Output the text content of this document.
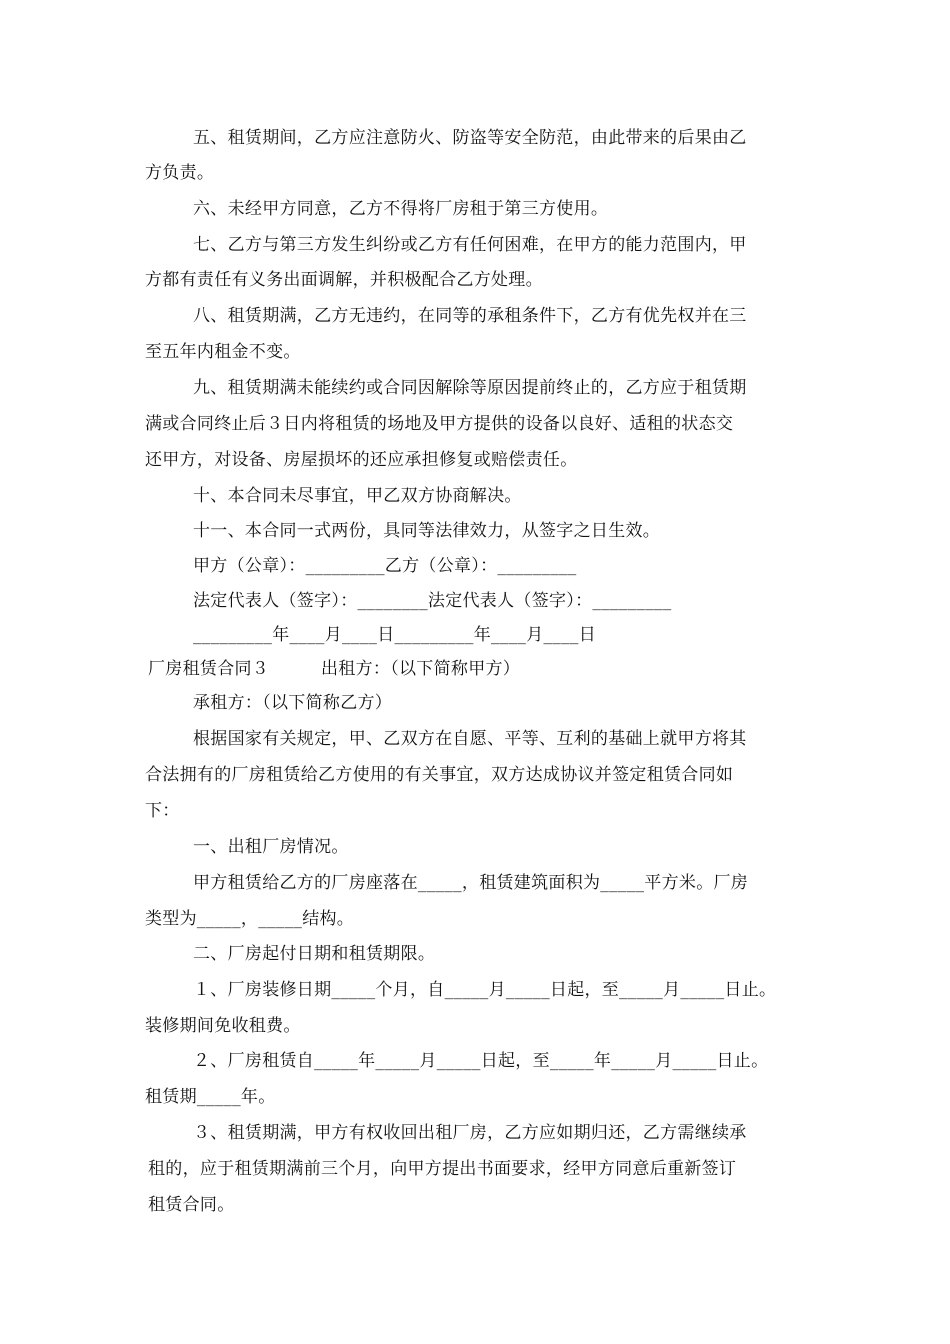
五、租赁期间，乙方应注意防火、防盗等安全防范，由此带来的后果由乙
方负责。
六、未经甲方同意，乙方不得将厂房租于第三方使用。
七、乙方与第三方发生纠纷或乙方有任何困难，在甲方的能力范围内，甲
方都有责任有义务出面调解，并积极配合乙方处理。
八、租赁期满，乙方无违约，在同等的承租条件下，乙方有优先权并在三
至五年内租金不变。
九、租赁期满未能续约或合同因解除等原因提前终止的，乙方应于租赁期
满或合同终止后３日内将租赁的场地及甲方提供的设备以良好、适租的状态交
还甲方，对设备、房屋损坏的还应承担修复或赔偿责任。
十、本合同未尽事宜，甲乙双方协商解决。
十一、本合同一式两份，具同等法律效力，从签字之日生效。
甲方（公章）：_________乙方（公章）：_________
法定代表人（签字）：________法定代表人（签字）：_________
_________年____月____日_________年____月____日
厂房租赁合同３　　　出租方：（以下简称甲方）
承租方：（以下简称乙方）
根据国家有关规定，甲、乙双方在自愿、平等、互利的基础上就甲方将其
合法拥有的厂房租赁给乙方使用的有关事宜，双方达成协议并签定租赁合同如
下：
一、出租厂房情况。
甲方租赁给乙方的厂房座落在_____，租赁建筑面积为_____平方米。厂房
类型为_____，_____结构。
二、厂房起付日期和租赁期限。
１、厂房装修日期_____个月，自_____月_____日起，至_____月_____日止。
装修期间免收租费。
２、厂房租赁自_____年_____月_____日起，至_____年_____月_____日止。
租赁期_____年。
３、租赁期满，甲方有权收回出租厂房，乙方应如期归还，乙方需继续承
租的，应于租赁期满前三个月，向甲方提出书面要求，经甲方同意后重新签订
租赁合同。
